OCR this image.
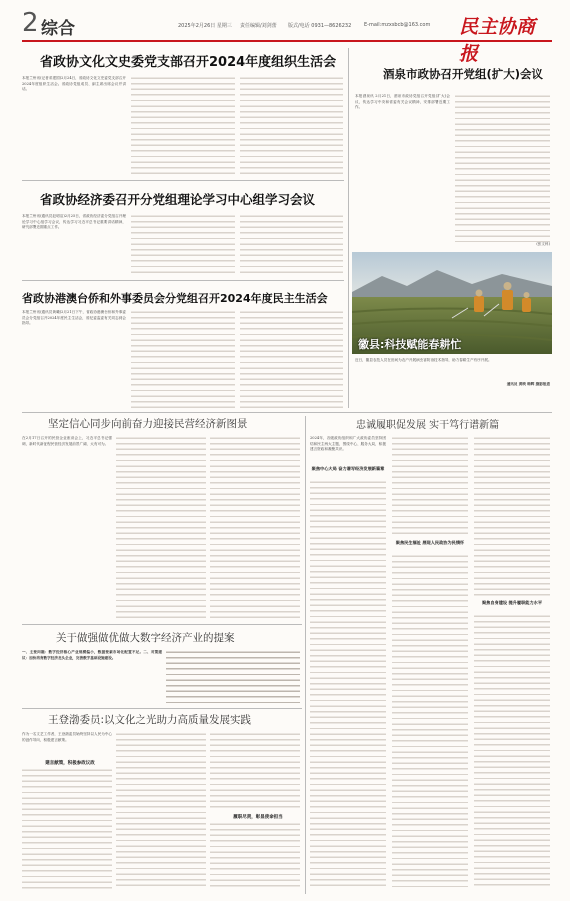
2 综合	2025年2月26日 星期三 责任编辑/刘剑蕾 版式/电话 0931—8626232	E-mail:mzxsbcb@163.com 民主协商报
省政协文化文史委党支部召开2024年度组织生活会
本报兰州讯(记者邓建国)2月24日，省政协文化文史委党支部召开2024年度组织生活会。省政协党组成员、副主席出席会议并讲话。
省政协经济委召开分党组理论学习中心组学习会议
本报兰州讯(通讯员赵明洁)2月25日，省政协经济委分党组召开理论学习中心组学习会议，传达学习习近平总书记重要讲话精神，研究部署近期重点工作。
省政协港澳台侨和外事委员会分党组召开2024年度民主生活会
本报兰州讯(通讯员黄曦)2月21日下午，省政协港澳台侨和外事委员会分党组召开2024年度民主生活会，省纪委监委有关同志到会指导。
酒泉市政协召开党组(扩大)会议
本报酒泉讯 2月21日，酒泉市政协党组召开党组(扩大)会议，传达学习中央和省委有关会议精神，安排部署近期工作。
(张文科)
徽县:科技赋能春耕忙
近日，徽县农技人员在田间为农户开展病虫害防治技术指导，助力春耕生产有序开展。
通讯员 黄映 韩辉 摄影报道
坚定信心同步向前奋力迎接民营经济新图景
在2月17日召开的民营企业座谈会上，习近平总书记强调，新时代新征程民营经济发展前景广阔、大有可为。
关于做强做优做大数字经济产业的提案
一、主要问题：数字经济核心产业规模偏小，数据要素市场化配置不足。二、对策建议：加快培育数字经济龙头企业，完善数字基础设施建设。
王登渤委员:以文化之光助力高质量发展实践
作为一名文艺工作者，王登渤委员始终坚持以人民为中心的创作导向，积极建言献策。
建言献策，积极参政议政
履职尽责，彰显使命担当
忠诚履职促发展 实干笃行谱新篇
2024年，各级政协组织和广大政协委员坚持团结和民主两大主题，围绕中心、服务大局，积极建言资政和凝聚共识。
聚焦中心大局 奋力谱写经济发展新篇章
聚焦民生福祉 展现人民政协为民情怀
聚焦自身建设 提升履职能力水平
